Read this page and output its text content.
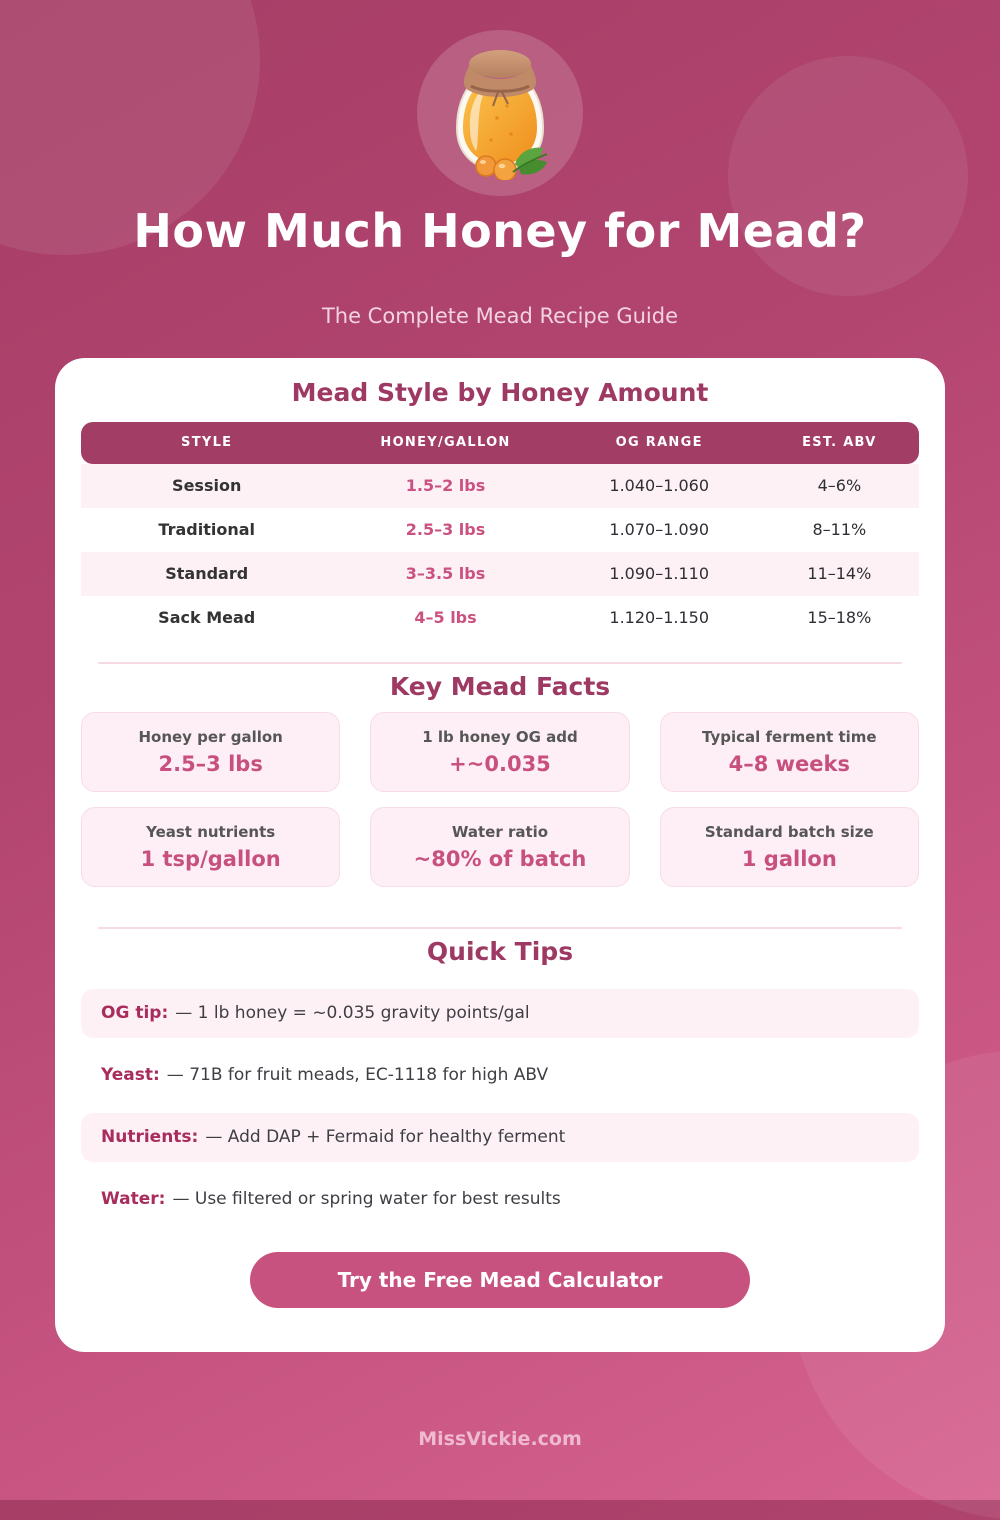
How Much Honey for Mead?
The Complete Mead Recipe Guide
Mead Style by Honey Amount
STYLE	HONEY/GALLON	OG RANGE	EST. ABV
Session	1.5–2 lbs	1.040–1.060	4–6%
Traditional	2.5–3 lbs	1.070–1.090	8–11%
Standard	3–3.5 lbs	1.090–1.110	11–14%
Sack Mead	4–5 lbs	1.120–1.150	15–18%
Key Mead Facts
Honey per gallon
2.5–3 lbs
1 lb honey OG add
+~0.035
Typical ferment time
4–8 weeks
Yeast nutrients
1 tsp/gallon
Water ratio
~80% of batch
Standard batch size
1 gallon
Quick Tips
OG tip: — 1 lb honey = ~0.035 gravity points/gal
Yeast: — 71B for fruit meads, EC-1118 for high ABV
Nutrients: — Add DAP + Fermaid for healthy ferment
Water: — Use filtered or spring water for best results
Try the Free Mead Calculator
MissVickie.com
